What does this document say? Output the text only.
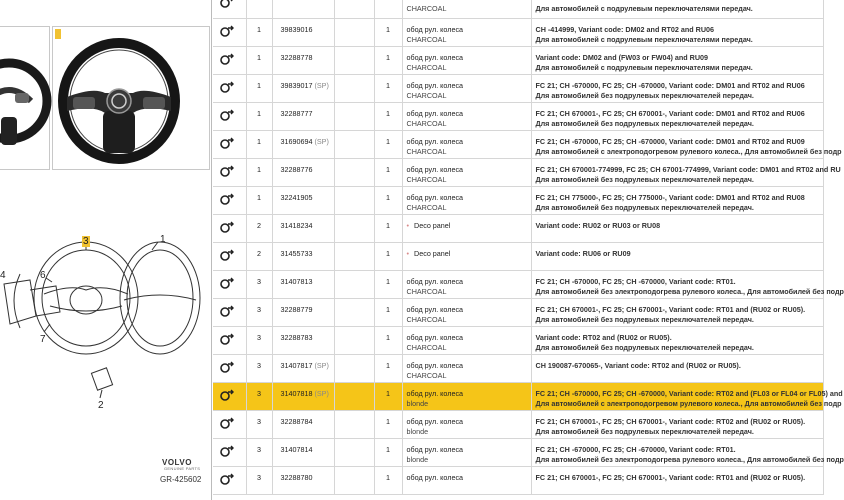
1
2
4	6
7
3
VOLVO
GENUINE PARTS
GR-425602
					CHARCOAL	Для автомобилей с подрулевым переключателями передач.
	1	39839016		1	обод рул. колеса
CHARCOAL	CH -414999, Variant code: DM02 and RT02 and RU06
Для автомобилей с подрулевым переключателями передач.
	1	32288778		1	обод рул. колеса
CHARCOAL	Variant code: DM02 and (FW03 or FW04) and RU09
Для автомобилей с подрулевым переключателями передач.
	1	39839017 (SP)		1	обод рул. колеса
CHARCOAL	FC 21; CH -670000, FC 25; CH -670000, Variant code: DM01 and RT02 and RU06
Для автомобилей без подрулевых переключателей передач.
	1	32288777		1	обод рул. колеса
CHARCOAL	FC 21; CH 670001-, FC 25; CH 670001-, Variant code: DM01 and RT02 and RU06
Для автомобилей без подрулевых переключателей передач.
	1	31690694 (SP)		1	обод рул. колеса
CHARCOAL	FC 21; CH -670000, FC 25; CH -670000, Variant code: DM01 and RT02 and RU09
Для автомобилей с электроподогревом рулевого колеса., Для автомобилей без подр
	1	32288776		1	обод рул. колеса
CHARCOAL	FC 21; CH 670001-774999, FC 25; CH 67001-774999, Variant code: DM01 and RT02 and RU
Для автомобилей без подрулевых переключателей передач.
	1	32241905		1	обод рул. колеса
CHARCOAL	FC 21; CH 775000-, FC 25; CH 775000-, Variant code: DM01 and RT02 and RU08
Для автомобилей без подрулевых переключателей передач.
	2	31418234		1	• Deco panel	Variant code: RU02 or RU03 or RU08

	2	31455733		1	• Deco panel	Variant code: RU06 or RU09

	3	31407813		1	обод рул. колеса
CHARCOAL	FC 21; CH -670000, FC 25; CH -670000, Variant code: RT01.
Для автомобилей без электроподогрева рулевого колеса., Для автомобилей без подр
	3	32288779		1	обод рул. колеса
CHARCOAL	FC 21; CH 670001-, FC 25; CH 670001-, Variant code: RT01 and (RU02 or RU05).
Для автомобилей без подрулевых переключателей передач.
	3	32288783		1	обод рул. колеса
CHARCOAL	Variant code: RT02 and (RU02 or RU05).
Для автомобилей без подрулевых переключателей передач.
	3	31407817 (SP)		1	обод рул. колеса
CHARCOAL	CH 190087-670065-, Variant code: RT02 and (RU02 or RU05).

	3	31407818 (SP)		1	обод рул. колеса
blonde	FC 21; CH -670000, FC 25; CH -670000, Variant code: RT02 and (FL03 or FL04 or FL05) and
Для автомобилей с электроподогревом рулевого колеса., Для автомобилей без подр
	3	32288784		1	обод рул. колеса
blonde	FC 21; CH 670001-, FC 25; CH 670001-, Variant code: RT02 and (RU02 or RU05).
Для автомобилей без подрулевых переключателей передач.
	3	31407814		1	обод рул. колеса
blonde	FC 21; CH -670000, FC 25; CH -670000, Variant code: RT01.
Для автомобилей без электроподогрева рулевого колеса., Для автомобилей без подр
	3	32288780		1	обод рул. колеса	FC 21; CH 670001-, FC 25; CH 670001-, Variant code: RT01 and (RU02 or RU05).
